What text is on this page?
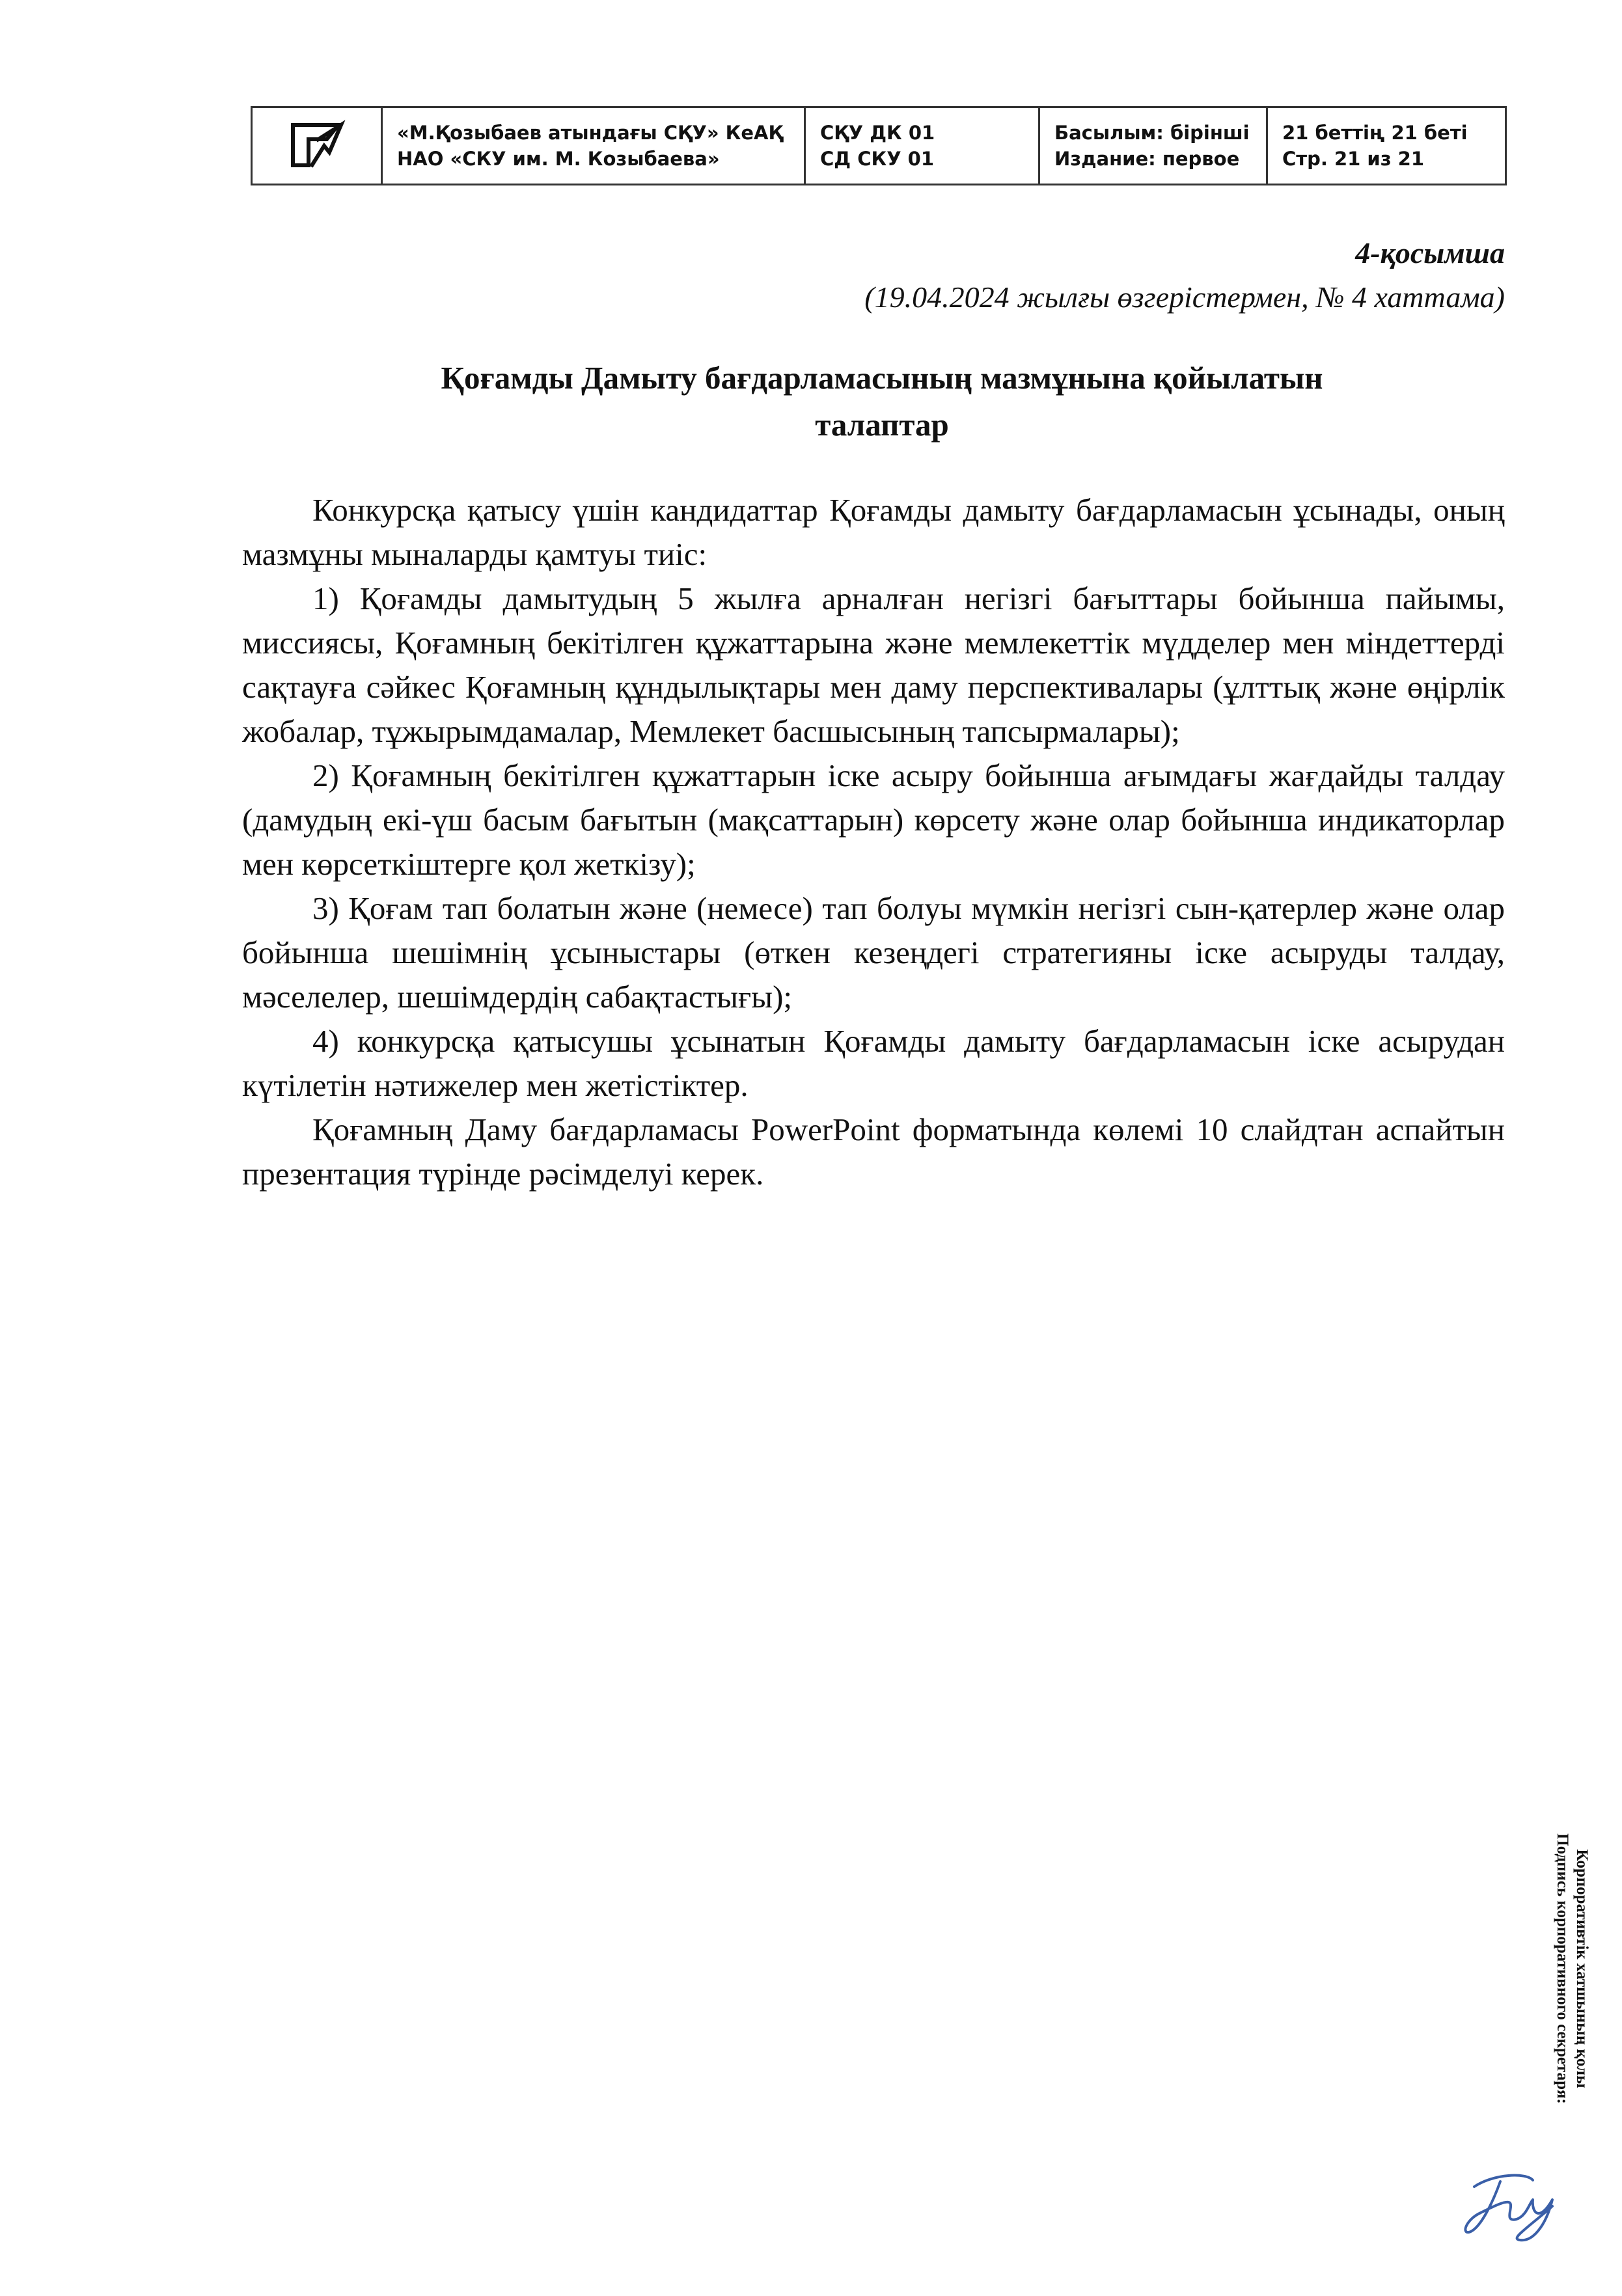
«М.Қозыбаев атындағы СҚУ» КеАҚ
НАО «СКУ им. М. Козыбаева»
СҚУ ДК 01
СД СКУ 01
Басылым: бірінші
Издание: первое
21 беттің 21 беті
Стр. 21 из 21
4-қосымша
(19.04.2024 жылғы өзгерістермен, № 4 хаттама)
Қоғамды Дамыту бағдарламасының мазмұнына қойылатын
талаптар

Конкурсқа қатысу үшін кандидаттар Қоғамды дамыту бағдарламасын ұсынады, оның мазмұны мыналарды қамтуы тиіс:

1) Қоғамды дамытудың 5 жылға арналған негізгі бағыттары бойынша пайымы, миссиясы, Қоғамның бекітілген құжаттарына және мемлекеттік мүдделер мен міндеттерді сақтауға сәйкес Қоғамның құндылықтары мен даму перспективалары (ұлттық және өңірлік жобалар, тұжырымдамалар, Мемлекет басшысының тапсырмалары);

2) Қоғамның бекітілген құжаттарын іске асыру бойынша ағымдағы жағдайды талдау (дамудың екі-үш басым бағытын (мақсаттарын) көрсету және олар бойынша индикаторлар мен көрсеткіштерге қол жеткізу);

3) Қоғам тап болатын және (немесе) тап болуы мүмкін негізгі сын-қатерлер және олар бойынша шешімнің ұсыныстары (өткен кезеңдегі стратегияны іске асыруды талдау, мәселелер, шешімдердің сабақтастығы);

4) конкурсқа қатысушы ұсынатын Қоғамды дамыту бағдарламасын іске асырудан күтілетін нәтижелер мен жетістіктер.

Қоғамның Даму бағдарламасы PowerPoint форматында көлемі 10 слайдтан аспайтын презентация түрінде рәсімделуі керек.

Корпоративтік хатшының қолы
Подпись корпоративного секретаря:
